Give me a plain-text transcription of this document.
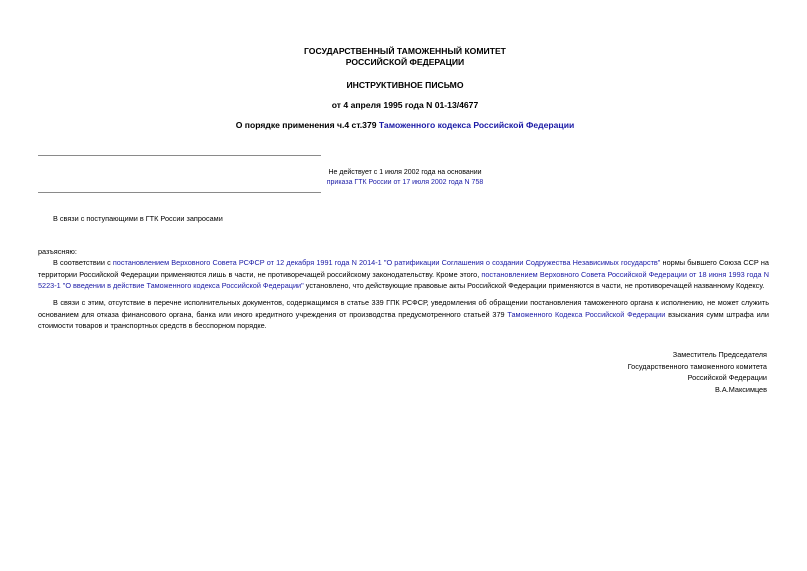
ГОСУДАРСТВЕННЫЙ ТАМОЖЕННЫЙ КОМИТЕТ
РОССИЙСКОЙ ФЕДЕРАЦИИ
ИНСТРУКТИВНОЕ ПИСЬМО
от 4 апреля 1995 года N 01-13/4677
О порядке применения ч.4 ст.379 Таможенного кодекса Российской Федерации
Не действует с 1 июля 2002 года на основании
приказа ГТК России от 17 июля 2002 года N 758
В связи с поступающими в ГТК России запросами
разъясняю:

В соответствии с постановлением Верховного Совета РСФСР от 12 декабря 1991 года N 2014-1 "О ратификации Соглашения о создании Содружества Независимых государств" нормы бывшего Союза ССР на территории Российской Федерации применяются лишь в части, не противоречащей российскому законодательству. Кроме этого, постановлением Верховного Совета Российской Федерации от 18 июня 1993 года N 5223-1 "О введении в действие Таможенного кодекса Российской Федерации" установлено, что действующие правовые акты Российской Федерации применяются в части, не противоречащей названному Кодексу.

В связи с этим, отсутствие в перечне исполнительных документов, содержащимся в статье 339 ГПК РСФСР, уведомления об обращении постановления таможенного органа к исполнению, не может служить основанием для отказа финансового органа, банка или иного кредитного учреждения от производства предусмотренного статьей 379 Таможенного Кодекса Российской Федерации взыскания сумм штрафа или стоимости товаров и транспортных средств в бесспорном порядке.

Заместитель Председателя
Государственного таможенного комитета
Российской Федерации
В.А.Максимцев
